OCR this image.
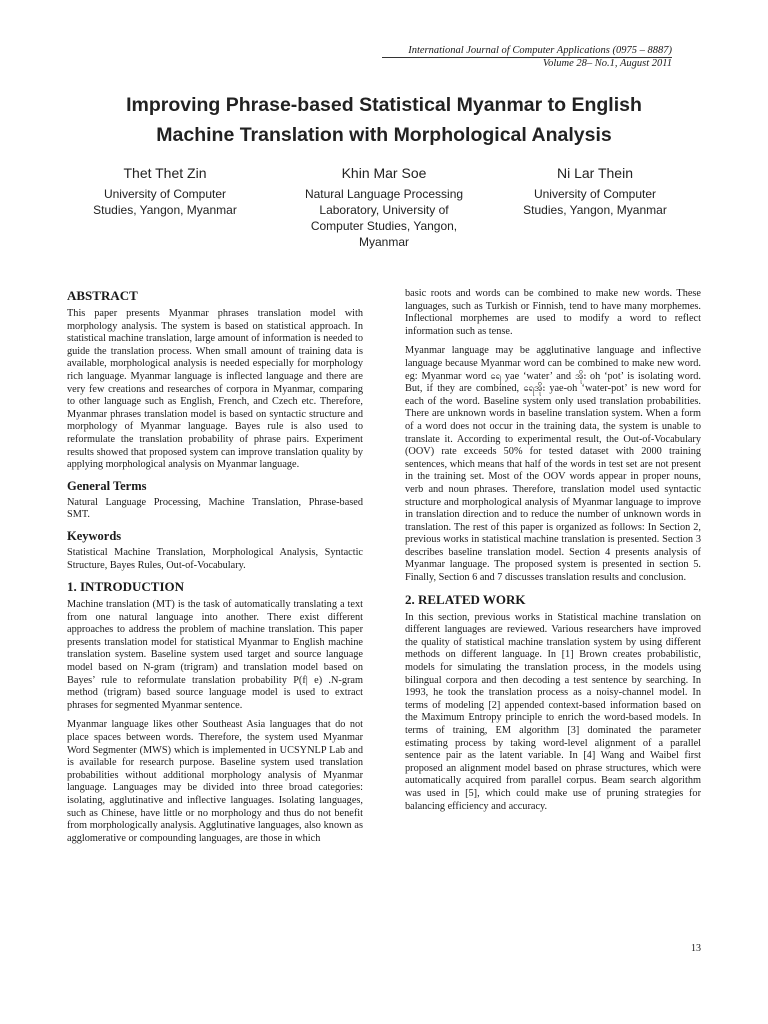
International Journal of Computer Applications (0975 – 8887)
Volume 28– No.1, August 2011
Improving Phrase-based Statistical Myanmar to English
Machine Translation with Morphological Analysis
Thet Thet Zin
University of Computer
Studies, Yangon, Myanmar
Khin Mar Soe
Natural Language Processing
Laboratory, University of
Computer Studies, Yangon,
Myanmar
Ni Lar Thein
University of Computer
Studies, Yangon, Myanmar
ABSTRACT

This paper presents Myanmar phrases translation model with morphology analysis. The system is based on statistical approach. In statistical machine translation, large amount of information is needed to guide the translation process. When small amount of training data is available, morphological analysis is needed especially for morphology rich language. Myanmar language is inflected language and there are very few creations and researches of corpora in Myanmar, comparing to other language such as English, French, and Czech etc. Therefore, Myanmar phrases translation model is based on syntactic structure and morphology of Myanmar language. Bayes rule is also used to reformulate the translation probability of phrase pairs. Experiment results showed that proposed system can improve translation quality by applying morphological analysis on Myanmar language.

General Terms

Natural Language Processing, Machine Translation, Phrase-based SMT.

Keywords

Statistical Machine Translation, Morphological Analysis, Syntactic Structure, Bayes Rules, Out-of-Vocabulary.

1. INTRODUCTION

Machine translation (MT) is the task of automatically translating a text from one natural language into another. There exist different approaches to address the problem of machine translation. This paper presents translation model for statistical Myanmar to English machine translation system. Baseline system used target and source language model based on N-gram (trigram) and translation model based on Bayes’ rule to reformulate translation probability P(f| e) .N-gram method (trigram) based source language model is used to extract phrases for segmented Myanmar sentence.

Myanmar language likes other Southeast Asia languages that do not place spaces between words. Therefore, the system used Myanmar Word Segmenter (MWS) which is implemented in UCSYNLP Lab and is available for research purpose. Baseline system used translation probabilities without additional morphology analysis of Myanmar language. Languages may be divided into three broad categories: isolating, agglutinative and inflective languages. Isolating languages, such as Chinese, have little or no morphology and thus do not benefit from morphologically analysis. Agglutinative languages, also known as agglomerative or compounding languages, are those in which

basic roots and words can be combined to make new words. These languages, such as Turkish or Finnish, tend to have many morphemes. Inflectional morphemes are used to modify a word to reflect information such as tense.

Myanmar language may be agglutinative language and inflective language because Myanmar word can be combined to make new word. eg: Myanmar word ရေ yae ‘water’ and အိုး oh ‘pot’ is isolating word. But, if they are combined, ရေအိုး yae-oh ‘water-pot’ is new word for each of the word. Baseline system only used translation probabilities. There are unknown words in baseline translation system. When a form of a word does not occur in the training data, the system is unable to translate it. According to experimental result, the Out-of-Vocabulary (OOV) rate exceeds 50% for tested dataset with 2000 training sentences, which means that half of the words in test set are not present in the training set. Most of the OOV words appear in proper nouns, verb and noun phrases. Therefore, translation model used syntactic structure and morphological analysis of Myanmar language to improve in translation direction and to reduce the number of unknown words in translation. The rest of this paper is organized as follows: In Section 2, previous works in statistical machine translation is presented. Section 3 describes baseline translation model. Section 4 presents analysis of Myanmar language. The proposed system is presented in section 5. Finally, Section 6 and 7 discusses translation results and conclusion.

2. RELATED WORK

In this section, previous works in Statistical machine translation on different languages are reviewed. Various researchers have improved the quality of statistical machine translation system by using different methods on different language. In [1] Brown creates probabilistic, models for simulating the translation process, in the models using bilingual corpora and then decoding a test sentence by searching. In 1993, he took the translation process as a noisy-channel model. In terms of modeling [2] appended context-based information based on the Maximum Entropy principle to enrich the word-based models. In terms of training, EM algorithm [3] dominated the parameter estimating process by taking word-level alignment of a parallel sentence pair as the latent variable. In [4] Wang and Waibel first proposed an alignment model based on phrase structures, which were automatically acquired from parallel corpus. Beam search algorithm was used in [5], which could make use of pruning strategies for balancing efficiency and accuracy.

13
